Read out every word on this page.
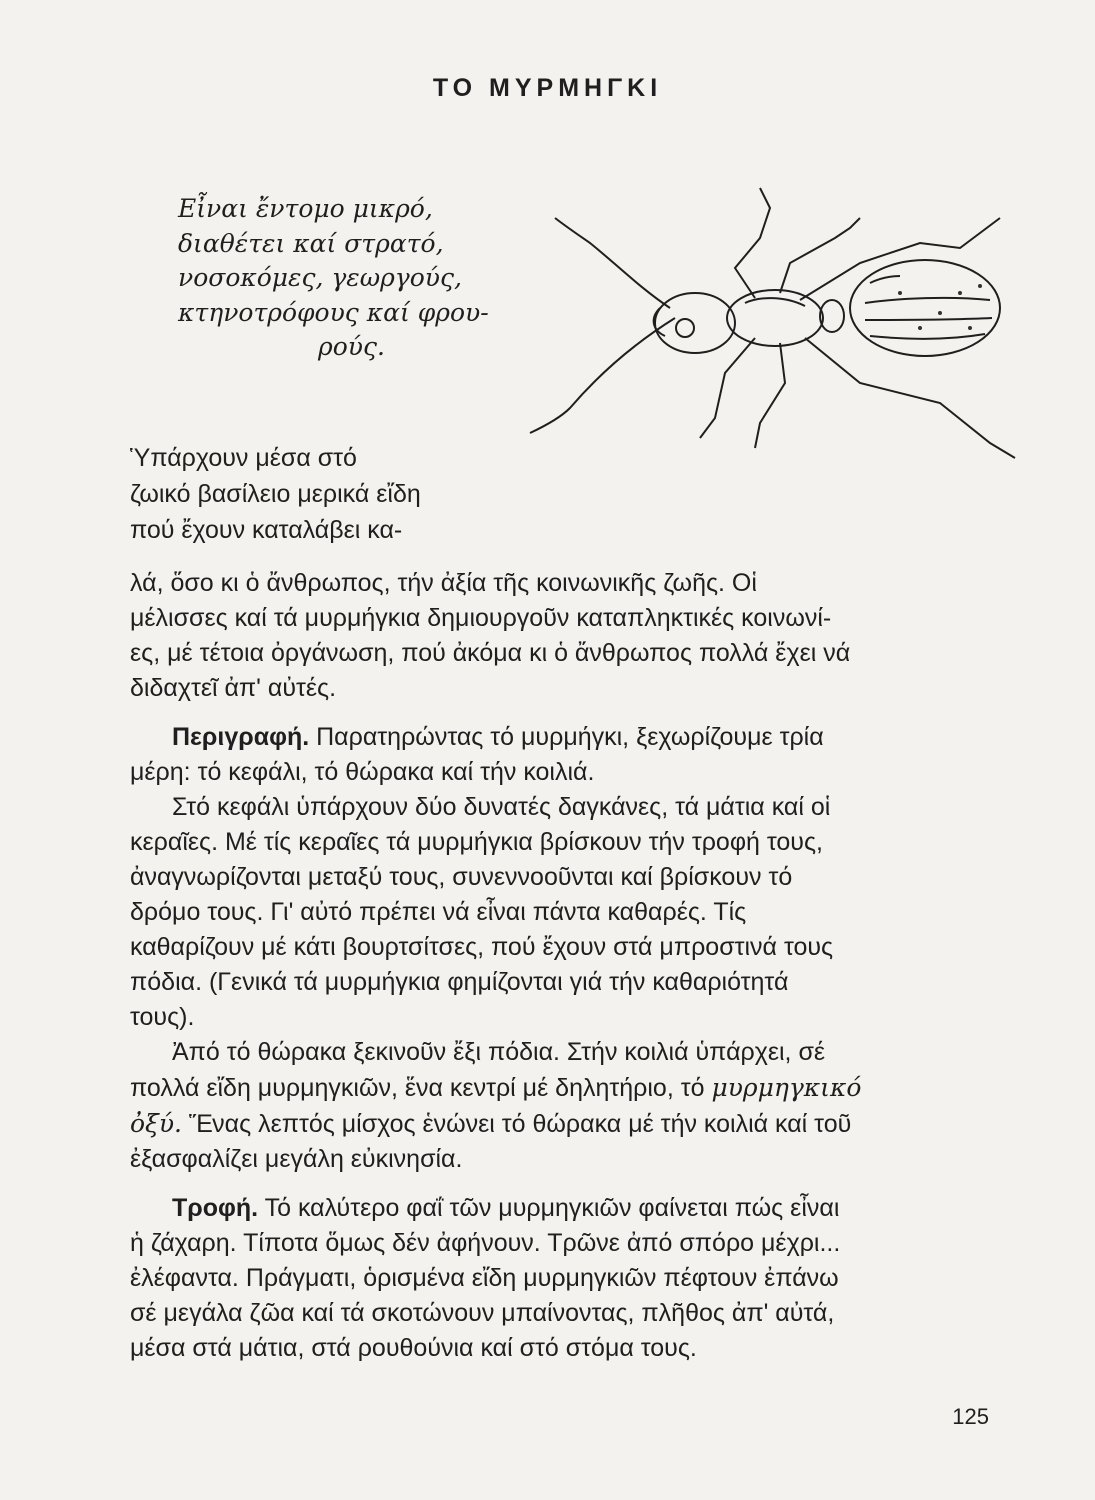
ΤΟ ΜΥΡΜΗΓΚΙ
Εἶναι ἔντομο μικρό,
διαθέτει καί στρατό,
νοσοκόμες, γεωργούς,
κτηνοτρόφους καί φρου-
ρούς.
Ὑπάρχουν μέσα στό
ζωικό βασίλειο μερικά εἴδη
πού ἔχουν καταλάβει κα-
λά, ὅσο κι ὁ ἄνθρωπος, τήν ἀξία τῆς κοινωνικῆς ζωῆς. Οἱ
μέλισσες καί τά μυρμήγκια δημιουργοῦν καταπληκτικές κοινωνί-
ες, μέ τέτοια ὀργάνωση, πού ἀκόμα κι ὁ ἄνθρωπος πολλά ἔχει νά
διδαχτεῖ ἀπ' αὐτές.
Περιγραφή. Παρατηρώντας τό μυρμήγκι, ξεχωρίζουμε τρία
μέρη: τό κεφάλι, τό θώρακα καί τήν κοιλιά.
Στό κεφάλι ὑπάρχουν δύο δυνατές δαγκάνες, τά μάτια καί οἱ
κεραῖες. Μέ τίς κεραῖες τά μυρμήγκια βρίσκουν τήν τροφή τους,
ἀναγνωρίζονται μεταξύ τους, συνεννοοῦνται καί βρίσκουν τό
δρόμο τους. Γι' αὐτό πρέπει νά εἶναι πάντα καθαρές. Τίς
καθαρίζουν μέ κάτι βουρτσίτσες, πού ἔχουν στά μπροστινά τους
πόδια. (Γενικά τά μυρμήγκια φημίζονται γιά τήν καθαριότητά
τους).
Ἀπό τό θώρακα ξεκινοῦν ἔξι πόδια. Στήν κοιλιά ὑπάρχει, σέ
πολλά εἴδη μυρμηγκιῶν, ἕνα κεντρί μέ δηλητήριο, τό μυρμηγκικό
ὀξύ. Ἕνας λεπτός μίσχος ἑνώνει τό θώρακα μέ τήν κοιλιά καί τοῦ
ἐξασφαλίζει μεγάλη εὐκινησία.
Τροφή. Τό καλύτερο φαΐ τῶν μυρμηγκιῶν φαίνεται πώς εἶναι
ἡ ζάχαρη. Τίποτα ὅμως δέν ἀφήνουν. Τρῶνε ἀπό σπόρο μέχρι...
ἐλέφαντα. Πράγματι, ὁρισμένα εἴδη μυρμηγκιῶν πέφτουν ἐπάνω
σέ μεγάλα ζῶα καί τά σκοτώνουν μπαίνοντας, πλῆθος ἀπ' αὐτά,
μέσα στά μάτια, στά ρουθούνια καί στό στόμα τους.
125
